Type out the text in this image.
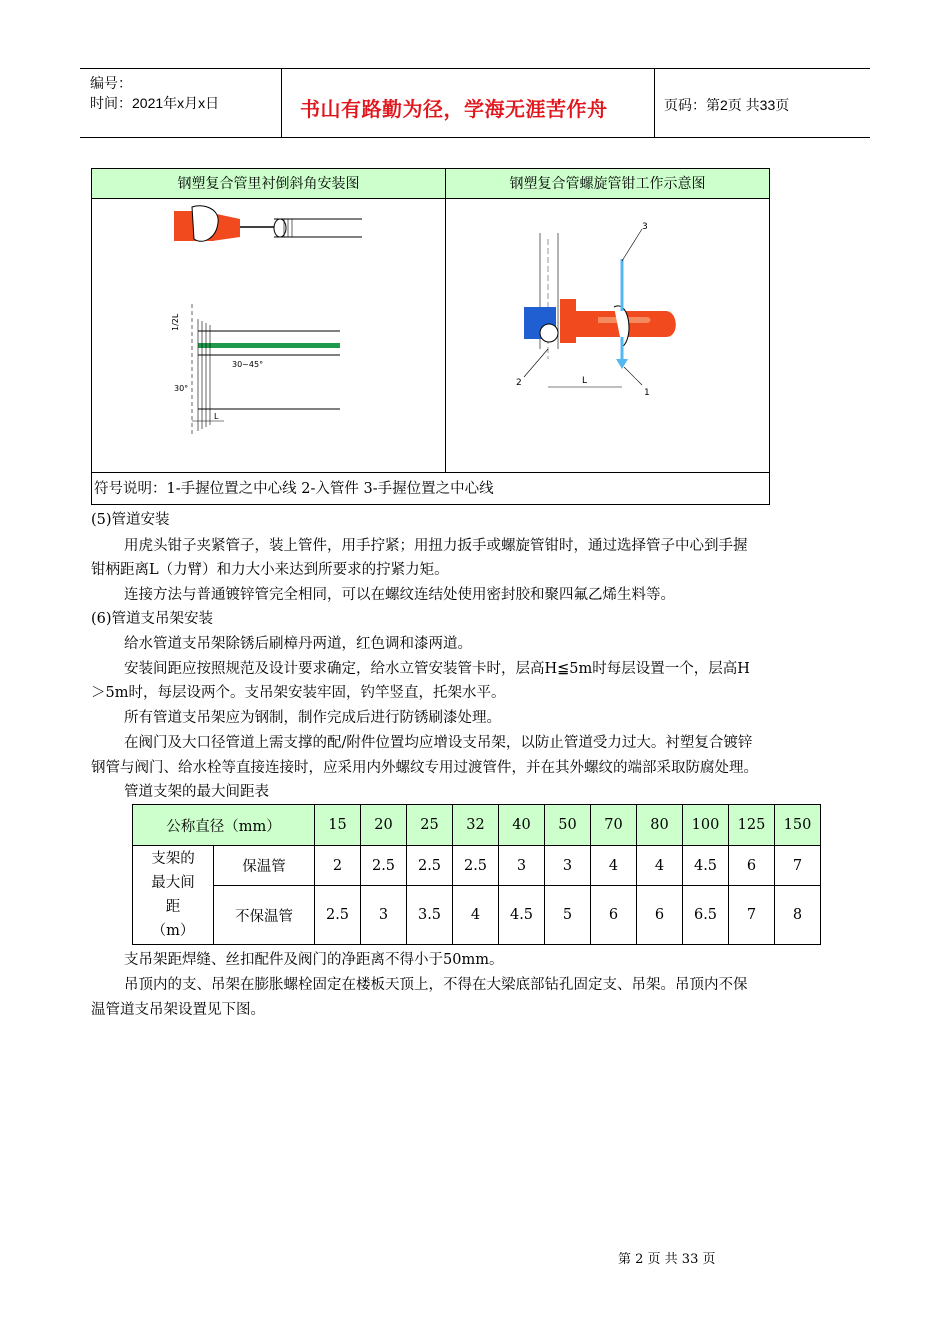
编号：
时间：2021年x月x日	书山有路勤为径，学海无涯苦作舟	页码：第2页 共33页
钢塑复合管里衬倒斜角安装图	钢塑复合管螺旋管钳工作示意图
1/2L
30~45°
30°
L
3
2
1
L
符号说明：1-手握位置之中心线 2-入管件 3-手握位置之中心线
(5)管道安装
用虎头钳子夹紧管子，装上管件，用手拧紧；用扭力扳手或螺旋管钳时，通过选择管子中心到手握
钳柄距离L（力臂）和力大小来达到所要求的拧紧力矩。
连接方法与普通镀锌管完全相同，可以在螺纹连结处使用密封胶和聚四氟乙烯生料等。
(6)管道支吊架安装
给水管道支吊架除锈后刷樟丹两道，红色调和漆两道。
安装间距应按照规范及设计要求确定，给水立管安装管卡时，层高H≦5m时每层设置一个，层高H
＞5m时，每层设两个。支吊架安装牢固，钓竿竖直，托架水平。
所有管道支吊架应为钢制，制作完成后进行防锈刷漆处理。
在阀门及大口径管道上需支撑的配/附件位置均应增设支吊架，以防止管道受力过大。衬塑复合镀锌
钢管与阀门、给水栓等直接连接时，应采用内外螺纹专用过渡管件，并在其外螺纹的端部采取防腐处理。
管道支架的最大间距表
公称直径（mm）		15	20	25	32	40	50	70	80	100	125	150

支架的
最大间
距
（m）	保温管	2	2.5	2.5	2.5	3	3	4	4	4.5	6	7
	不保温管	2.5	3	3.5	4	4.5	5	6	6	6.5	7	8
支吊架距焊缝、丝扣配件及阀门的净距离不得小于50mm。
吊顶内的支、吊架在膨胀螺栓固定在楼板天顶上，不得在大梁底部钻孔固定支、吊架。吊顶内不保
温管道支吊架设置见下图。
第 2 页 共 33 页
